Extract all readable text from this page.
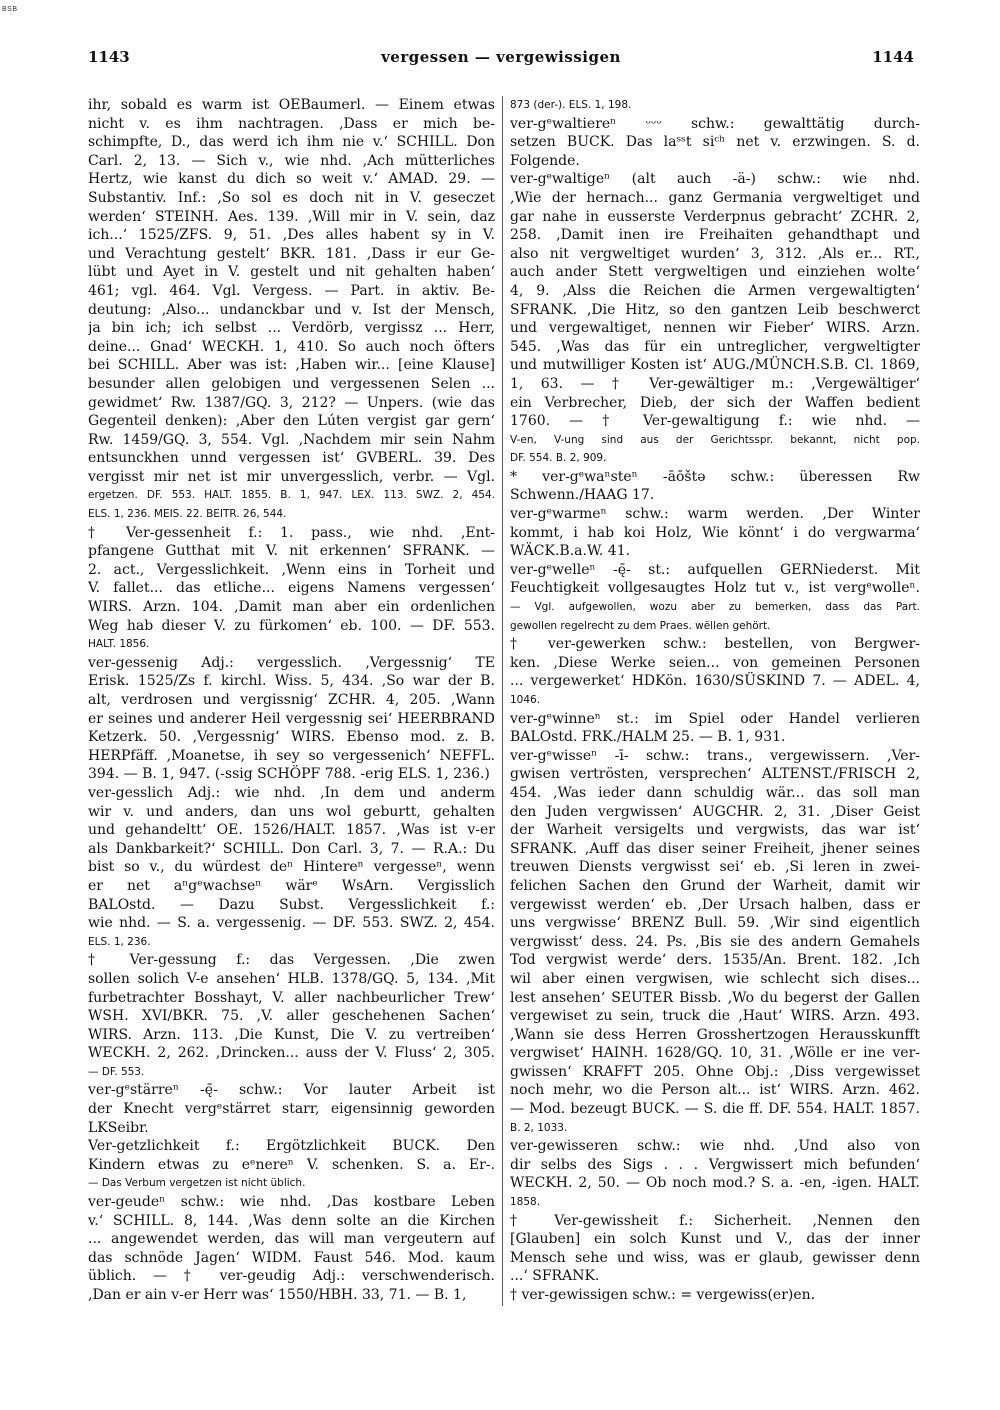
BSB
1143	vergessen — vergewissigen	1144
ihr, sobald es warm ist OEBaumerl. — Einem etwas
nicht v. es ihm nachtragen. ,Dass er mich be-
schimpfte, D., das werd ich ihm nie v.‘ SCHILL. Don
Carl. 2, 13. — Sich v., wie nhd. ,Ach mütterliches
Hertz, wie kanst du dich so weit v.‘ AMAD. 29. —
Substantiv. Inf.: ,So sol es doch nit in V. geseczet
werden‘ STEINH. Aes. 139. ,Will mir in V. sein, daz
ich...‘ 1525/ZFS. 9, 51. ,Des alles habent sy in V.
und Verachtung gestelt‘ BKR. 181. ,Dass ir eur Ge-
lübt und Ayet in V. gestelt und nit gehalten haben‘
461; vgl. 464. Vgl. Vergess. — Part. in aktiv. Be-
deutung: ,Also... undanckbar und v. Ist der Mensch,
ja bin ich; ich selbst ... Verdörb, vergissz ... Herr,
deine... Gnad‘ WECKH. 1, 410. So auch noch öfters
bei SCHILL. Aber was ist: ,Haben wir... [eine Klause]
besunder allen gelobigen und vergessenen Selen ...
gewidmet‘ Rw. 1387/GQ. 3, 212? — Unpers. (wie das
Gegenteil denken): ,Aber den Lúten vergist gar gern‘
Rw. 1459/GQ. 3, 554. Vgl. ,Nachdem mir sein Nahm
entsunckhen unnd vergessen ist‘ GVBERL. 39. Des
vergisst mir net ist mir unvergesslich, verbr. — Vgl.
ergetzen. DF. 553. HALT. 1855. B. 1, 947. LEX. 113. SWZ. 2, 454.
ELS. 1, 236. MEIS. 22. BEITR. 26, 544.
† Ver-gessenheit f.: 1. pass., wie nhd. ,Ent-
pfangene Gutthat mit V. nit erkennen‘ SFRANK. —
2. act., Vergesslichkeit. ,Wenn eins in Torheit und
V. fallet... das etliche... eigens Namens vergessen‘
WIRS. Arzn. 104. ,Damit man aber ein ordenlichen
Weg hab dieser V. zu fürkomen‘ eb. 100. — DF. 553.
HALT. 1856.
ver-gessenig Adj.: vergesslich. ,Vergessnig‘ TE
Erisk. 1525/Zs f. kirchl. Wiss. 5, 434. ,So war der B.
alt, verdrosen und vergissnig‘ ZCHR. 4, 205. ,Wann
er seines und anderer Heil vergessnig sei‘ HEERBRAND
Ketzerk. 50. ,Vergessnig‘ WIRS. Ebenso mod. z. B.
HERPfäff. ,Moanetse, ih sey so vergessenich‘ NEFFL.
394. — B. 1, 947. (-ssig SCHÖPF 788. -erig ELS. 1, 236.)
ver-gesslich Adj.: wie nhd. ,In dem und anderm
wir v. und anders, dan uns wol geburtt, gehalten
und gehandeltt‘ OE. 1526/HALT. 1857. ,Was ist v-er
als Dankbarkeit?‘ SCHILL. Don Carl. 3, 7. — R.A.: Du
bist so v., du würdest deⁿ Hintereⁿ vergesseⁿ, wenn
er net aⁿgᵉwachseⁿ wärᵉ WsArn. Vergisslich
BALOstd. — Dazu Subst. Vergesslichkeit f.:
wie nhd. — S. a. vergessenig. — DF. 553. SWZ. 2, 454.
ELS. 1, 236.
† Ver-gessung f.: das Vergessen. ,Die zwen
sollen solich V-e ansehen‘ HLB. 1378/GQ. 5, 134. ,Mit
furbetrachter Bosshayt, V. aller nachbeurlicher Trew‘
WSH. XVI/BKR. 75. ,V. aller geschehenen Sachen‘
WIRS. Arzn. 113. ,Die Kunst, Die V. zu vertreiben‘
WECKH. 2, 262. ,Drincken... auss der V. Fluss‘ 2, 305.
— DF. 553.
ver-gᵉstärreⁿ -ę̄- schw.: Vor lauter Arbeit ist
der Knecht vergᵉstärret starr, eigensinnig geworden
LKSeibr.
Ver-getzlichkeit f.: Ergötzlichkeit BUCK. Den
Kindern etwas zu eᵉnereⁿ V. schenken. S. a. Er-.
— Das Verbum vergetzen ist nicht üblich.
ver-geudeⁿ schw.: wie nhd. ,Das kostbare Leben
v.‘ SCHILL. 8, 144. ,Was denn solte an die Kirchen
... angewendet werden, das will man vergeutern auf
das schnöde Jagen‘ WIDM. Faust 546. Mod. kaum
üblich. — † ver-geudig Adj.: verschwenderisch.
,Dan er ain v-er Herr was‘ 1550/HBH. 33, 71. — B. 1,
873 (der-). ELS. 1, 198.
ver-gᵉwaltiereⁿ ᵕᵕᵕ schw.: gewalttätig durch-
setzen BUCK. Das laˢˢt siᶜʰ net v. erzwingen. S. d.
Folgende.
ver-gᵉwaltigeⁿ (alt auch -ä-) schw.: wie nhd.
,Wie der hernach... ganz Germania vergweltiget und
gar nahe in eusserste Verderpnus gebracht‘ ZCHR. 2,
258. ,Damit inen ire Freihaiten gehandthapt und
also nit vergweltiget wurden‘ 3, 312. ,Als er... RT.,
auch ander Stett vergweltigen und einziehen wolte‘
4, 9. ,Alss die Reichen die Armen vergewaltigten‘
SFRANK. ,Die Hitz, so den gantzen Leib beschwerct
und vergewaltiget, nennen wir Fieber‘ WIRS. Arzn.
545. ,Was das für ein untreglicher, vergweltigter
und mutwilliger Kosten ist‘ AUG./MÜNCH.S.B. Cl. 1869,
1, 63. — † Ver-gewältiger m.: ,Vergewältiger‘
ein Verbrecher, Dieb, der sich der Waffen bedient
1760. — † Ver-gewaltigung f.: wie nhd. —
V-en, V-ung sind aus der Gerichtsspr. bekannt, nicht pop.
DF. 554. B. 2, 909.
* ver-gᵉwaⁿsteⁿ -āōštə schw.: überessen Rw
Schwenn./HAAG 17.
ver-gᵉwarmeⁿ schw.: warm werden. ,Der Winter
kommt, i hab koi Holz, Wie könnt‘ i do vergwarma‘
WÄCK.B.a.W. 41.
ver-gᵉwelleⁿ -ę̄- st.: aufquellen GERNiederst. Mit
Feuchtigkeit vollgesaugtes Holz tut v., ist vergᵉwolleⁿ.
— Vgl. aufgewollen, wozu aber zu bemerken, dass das Part.
gewollen regelrecht zu dem Praes. wëllen gehört.
† ver-gewerken schw.: bestellen, von Bergwer-
ken. ,Diese Werke seien... von gemeinen Personen
... vergewerket‘ HDKön. 1630/SÜSKIND 7. — ADEL. 4,
1046.
ver-gᵉwinneⁿ st.: im Spiel oder Handel verlieren
BALOstd. FRK./HALM 25. — B. 1, 931.
ver-gᵉwisseⁿ -ī- schw.: trans., vergewissern. ,Ver-
gwisen vertrösten, versprechen‘ ALTENST./FRISCH 2,
454. ,Was ieder dann schuldig wär... das soll man
den Juden vergwissen‘ AUGCHR. 2, 31. ,Diser Geist
der Warheit versigelts und vergwists, das war ist‘
SFRANK. ,Auff das diser seiner Freiheit, jhener seines
treuwen Diensts vergwisst sei‘ eb. ,Si leren in zwei-
felichen Sachen den Grund der Warheit, damit wir
vergewisst werden‘ eb. ,Der Ursach halben, dass er
uns vergwisse‘ BRENZ Bull. 59. ,Wir sind eigentlich
vergwisst‘ dess. 24. Ps. ,Bis sie des andern Gemahels
Tod vergwist werde‘ ders. 1535/An. Brent. 182. ,Ich
wil aber einen vergwisen, wie schlecht sich dises...
lest ansehen‘ SEUTER Bissb. ,Wo du begerst der Gallen
vergewiset zu sein, truck die ‚Haut‘ WIRS. Arzn. 493.
,Wann sie dess Herren Grosshertzogen Herausskunfft
vergwiset‘ HAINH. 1628/GQ. 10, 31. ,Wölle er ine ver-
gwissen‘ KRAFFT 205. Ohne Obj.: ,Diss vergewisset
noch mehr, wo die Person alt... ist‘ WIRS. Arzn. 462.
— Mod. bezeugt BUCK. — S. die ff. DF. 554. HALT. 1857.
B. 2, 1033.
ver-gewisseren schw.: wie nhd. ,Und also von
dir selbs des Sigs . . . Vergwissert mich befunden‘
WECKH. 2, 50. — Ob noch mod.? S. a. -en, -igen. HALT.
1858.
† Ver-gewissheit f.: Sicherheit. ,Nennen den
[Glauben] ein solch Kunst und V., das der inner
Mensch sehe und wiss, was er glaub, gewisser denn
...‘ SFRANK.
† ver-gewissigen schw.: = vergewiss(er)en.
